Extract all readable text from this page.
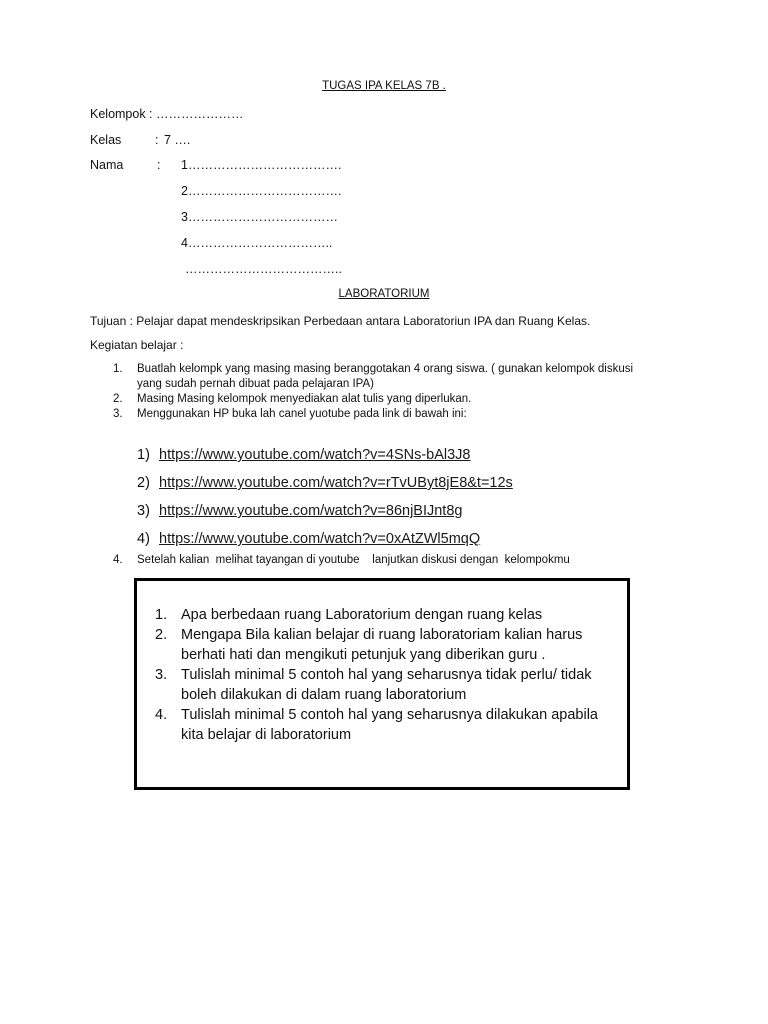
TUGAS IPA KELAS 7B .
Kelompok : …………………
Kelas	: 7 ….
Nama	: 1……………………………….
2……………………………….
3………………………………
4……………………………..
………………………………..
LABORATORIUM
Tujuan : Pelajar dapat mendeskripsikan Perbedaan antara Laboratoriun IPA dan Ruang Kelas.
Kegiatan belajar :
1. Buatlah kelompk yang masing masing beranggotakan 4 orang siswa. ( gunakan kelompok diskusi yang sudah pernah dibuat pada pelajaran IPA)
2. Masing Masing kelompok menyediakan alat tulis yang diperlukan.
3. Menggunakan HP buka lah canel yuotube pada link di bawah ini:
1) https://www.youtube.com/watch?v=4SNs-bAl3J8
2) https://www.youtube.com/watch?v=rTvUByt8jE8&t=12s
3) https://www.youtube.com/watch?v=86njBIJnt8g
4) https://www.youtube.com/watch?v=0xAtZWl5mqQ
4. Setelah kalian  melihat tayangan di youtube    lanjutkan diskusi dengan  kelompokmu
1. Apa berbedaan ruang Laboratorium dengan ruang kelas
2. Mengapa Bila kalian belajar di ruang laboratoriam kalian harus berhati hati dan mengikuti petunjuk yang diberikan guru .
3. Tulislah minimal 5 contoh hal yang seharusnya tidak perlu/ tidak boleh dilakukan di dalam ruang laboratorium
4. Tulislah minimal 5 contoh hal yang seharusnya dilakukan apabila kita belajar di laboratorium
